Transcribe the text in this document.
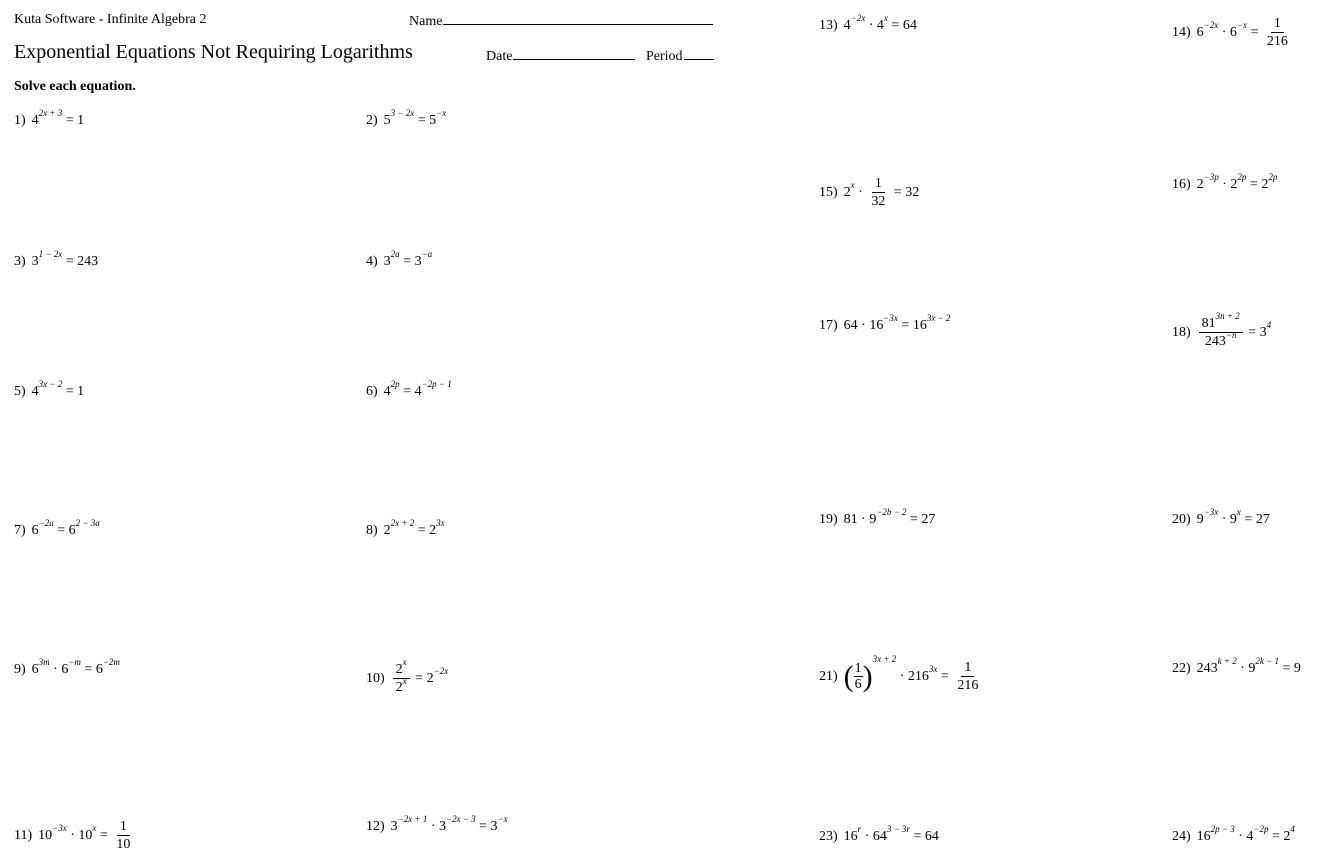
Kuta Software - Infinite Algebra 2	Name
Exponential Equations Not Requiring Logarithms	Date	Period
Solve each equation.
1) $4^{2x + 3} = 1$	2) $5^{3 - 2x} = 5^{-x}$
3) $3^{1 - 2x} = 243$	4) $3^{2a} = 3^{-a}$
5) $4^{3x - 2} = 1$	6) $4^{2p} = 4^{-2p - 1}$
7) $6^{-2a} = 6^{2 - 3a}$	8) $2^{2x + 2} = 2^{3x}$
9) $6^{3m} \cdot 6^{-m} = 6^{-2m}$
$10) \frac{2^x}{2^x} = 2^{-2x}$
11) $10^{-3x} \cdot 10^x = \frac{1}{10}$	12) $3^{-2x + 1} \cdot 3^{-2x - 3} = 3^{-x}$
13) $4^{-2x} \cdot 4^x = 64$	14) $6^{-2x} \cdot 6^{-x} = \frac{1}{216}$
15) $2^x \cdot \frac{1}{32} = 32$
16) $2^{-3p} \cdot 2^{2p} = 2^{2p}$
17) $64 \cdot 16^{-3x} = 16^{3x - 2}$
$18) \frac{81^{3n + 2}}{243^{-n}} = 3^4$
19) $81 \cdot 9^{-2b - 2} = 27$	20) $9^{-3x} \cdot 9^x = 27$
21) ( $\frac{1}{6} )^{3x + 2} \cdot 216^{3x} = \frac{1}{216}$	22) $243^{k + 2} \cdot 9^{2k - 1} = 9$
23) $16^r \cdot 64^{3 - 3r} = 64$	24) $16^{2p - 3} \cdot 4^{-2p} = 2^4$
